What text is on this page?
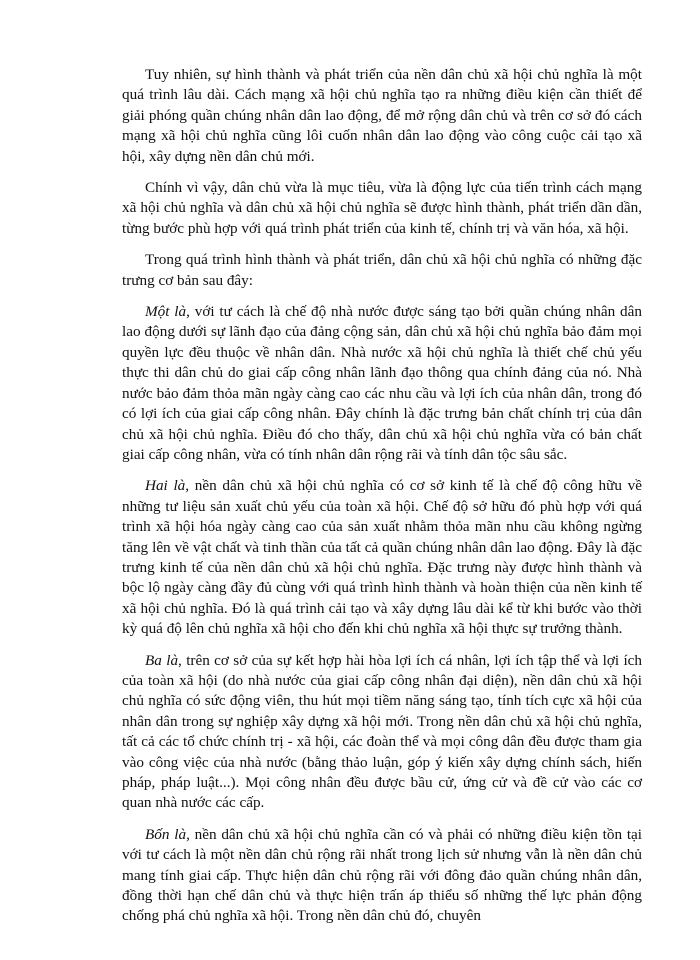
Tuy nhiên, sự hình thành và phát triển của nền dân chủ xã hội chủ nghĩa là một quá trình lâu dài. Cách mạng xã hội chủ nghĩa tạo ra những điều kiện cần thiết để giải phóng quần chúng nhân dân lao động, để mở rộng dân chủ và trên cơ sở đó cách mạng xã hội chủ nghĩa cũng lôi cuốn nhân dân lao động vào công cuộc cải tạo xã hội, xây dựng nền dân chủ mới.

Chính vì vậy, dân chủ vừa là mục tiêu, vừa là động lực của tiến trình cách mạng xã hội chủ nghĩa và dân chủ xã hội chủ nghĩa sẽ được hình thành, phát triển dần dần, từng bước phù hợp với quá trình phát triển của kinh tế, chính trị và văn hóa, xã hội.

Trong quá trình hình thành và phát triển, dân chủ xã hội chủ nghĩa có những đặc trưng cơ bản sau đây:

Một là, với tư cách là chế độ nhà nước được sáng tạo bởi quần chúng nhân dân lao động dưới sự lãnh đạo của đảng cộng sản, dân chủ xã hội chủ nghĩa bảo đảm mọi quyền lực đều thuộc về nhân dân. Nhà nước xã hội chủ nghĩa là thiết chế chủ yếu thực thi dân chủ do giai cấp công nhân lãnh đạo thông qua chính đảng của nó. Nhà nước bảo đảm thỏa mãn ngày càng cao các nhu cầu và lợi ích của nhân dân, trong đó có lợi ích của giai cấp công nhân. Đây chính là đặc trưng bản chất chính trị của dân chủ xã hội chủ nghĩa. Điều đó cho thấy, dân chủ xã hội chủ nghĩa vừa có bản chất giai cấp công nhân, vừa có tính nhân dân rộng rãi và tính dân tộc sâu sắc.

Hai là, nền dân chủ xã hội chủ nghĩa có cơ sở kinh tế là chế độ công hữu về những tư liệu sản xuất chủ yếu của toàn xã hội. Chế độ sở hữu đó phù hợp với quá trình xã hội hóa ngày càng cao của sản xuất nhằm thỏa mãn nhu cầu không ngừng tăng lên về vật chất và tinh thần của tất cả quần chúng nhân dân lao động. Đây là đặc trưng kinh tế của nền dân chủ xã hội chủ nghĩa. Đặc trưng này được hình thành và bộc lộ ngày càng đầy đủ cùng với quá trình hình thành và hoàn thiện của nền kinh tế xã hội chủ nghĩa. Đó là quá trình cải tạo và xây dựng lâu dài kể từ khi bước vào thời kỳ quá độ lên chủ nghĩa xã hội cho đến khi chủ nghĩa xã hội thực sự trưởng thành.

Ba là, trên cơ sở của sự kết hợp hài hòa lợi ích cá nhân, lợi ích tập thể và lợi ích của toàn xã hội (do nhà nước của giai cấp công nhân đại diện), nền dân chủ xã hội chủ nghĩa có sức động viên, thu hút mọi tiềm năng sáng tạo, tính tích cực xã hội của nhân dân trong sự nghiệp xây dựng xã hội mới. Trong nền dân chủ xã hội chủ nghĩa, tất cả các tổ chức chính trị - xã hội, các đoàn thể và mọi công dân đều được tham gia vào công việc của nhà nước (bằng thảo luận, góp ý kiến xây dựng chính sách, hiến pháp, pháp luật...). Mọi công nhân đều được bầu cử, ứng cử và đề cử vào các cơ quan nhà nước các cấp.

Bốn là, nền dân chủ xã hội chủ nghĩa cần có và phải có những điều kiện tồn tại với tư cách là một nền dân chủ rộng rãi nhất trong lịch sử nhưng vẫn là nền dân chủ mang tính giai cấp. Thực hiện dân chủ rộng rãi với đông đảo quần chúng nhân dân, đồng thời hạn chế dân chủ và thực hiện trấn áp thiểu số những thế lực phản động chống phá chủ nghĩa xã hội. Trong nền dân chủ đó, chuyên
